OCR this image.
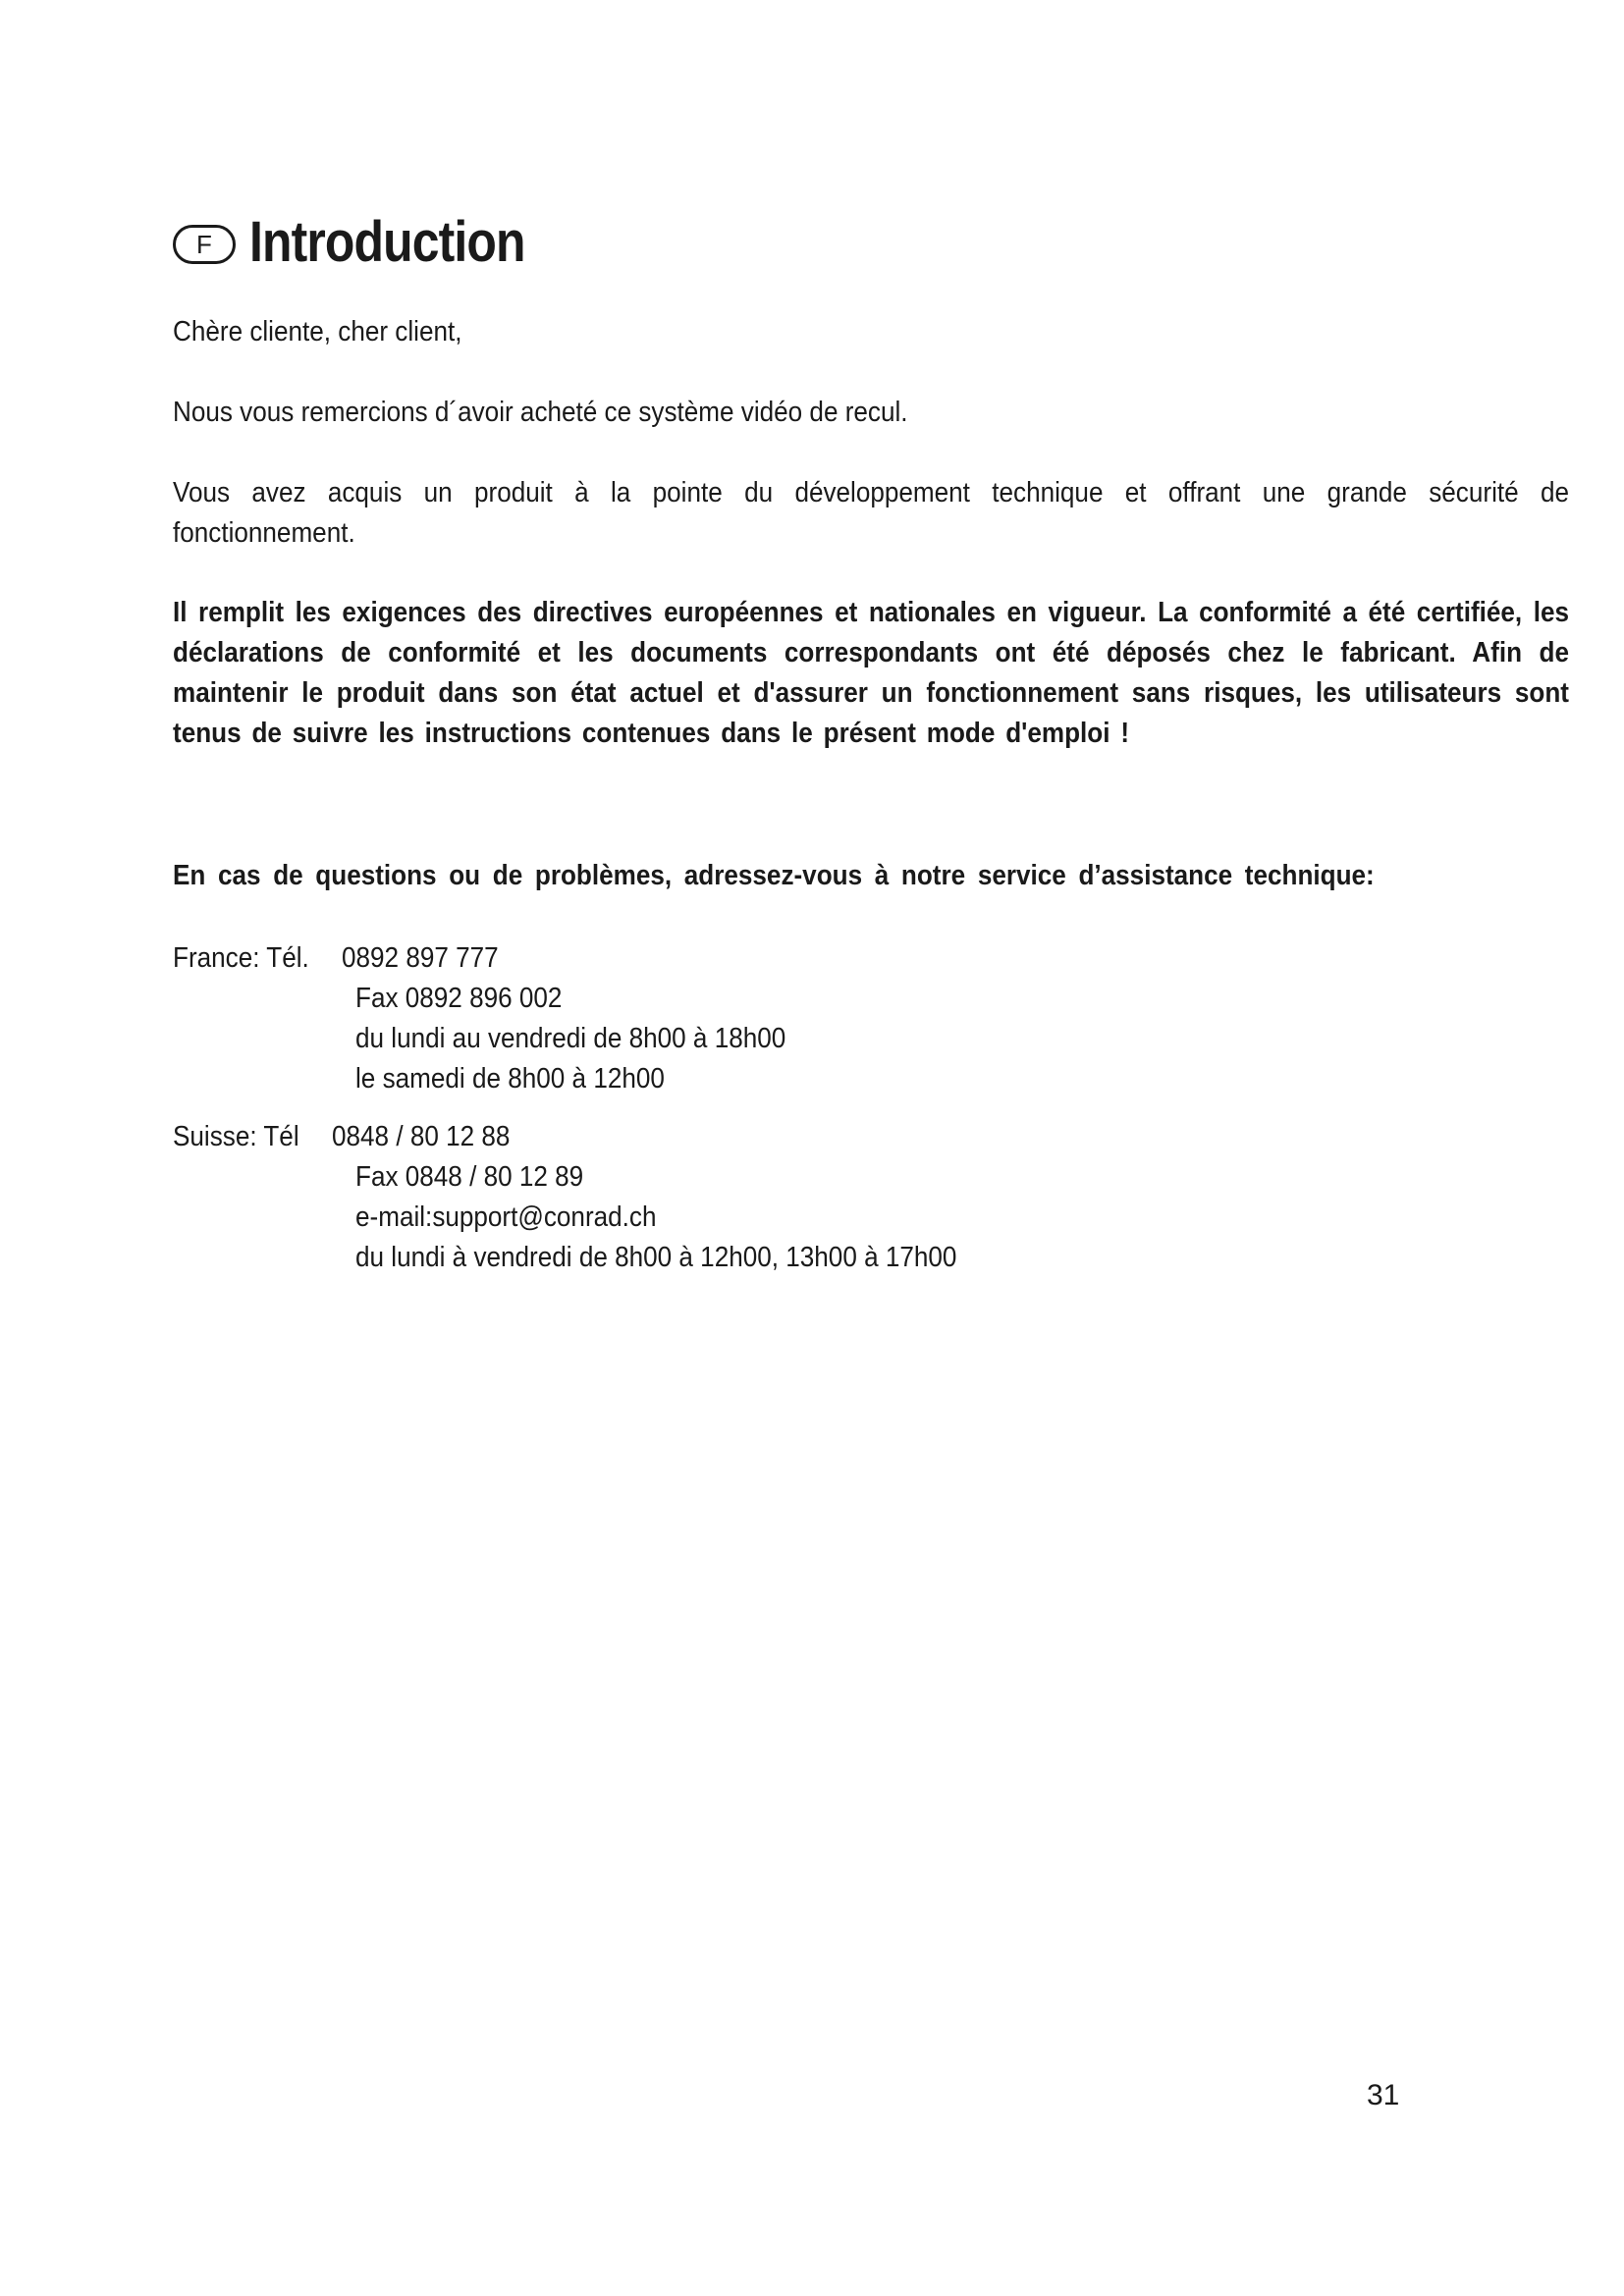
F Introduction
Chère cliente, cher client,
Nous vous remercions d´avoir acheté ce système vidéo de recul.
Vous avez acquis un produit à la pointe du développement technique et offrant une grande sécurité de fonctionnement.
Il remplit les exigences des directives européennes et nationales en vigueur. La conformité a été certifiée, les déclarations de conformité et les documents correspondants ont été déposés chez le fabricant. Afin de maintenir le produit dans son état actuel et d'assurer un fonctionnement sans risques, les utilisateurs sont tenus de suivre les instructions contenues dans le présent mode d'emploi !
En cas de questions ou de problèmes, adressez-vous à notre service d’assistance technique:
France: Tél. 0892 897 777
Fax 0892 896 002
du lundi au vendredi de 8h00 à 18h00
le samedi de 8h00 à 12h00
Suisse: Tél 0848 / 80 12 88
Fax 0848 / 80 12 89
e-mail:support@conrad.ch
du lundi à vendredi de 8h00 à 12h00, 13h00 à 17h00
31
